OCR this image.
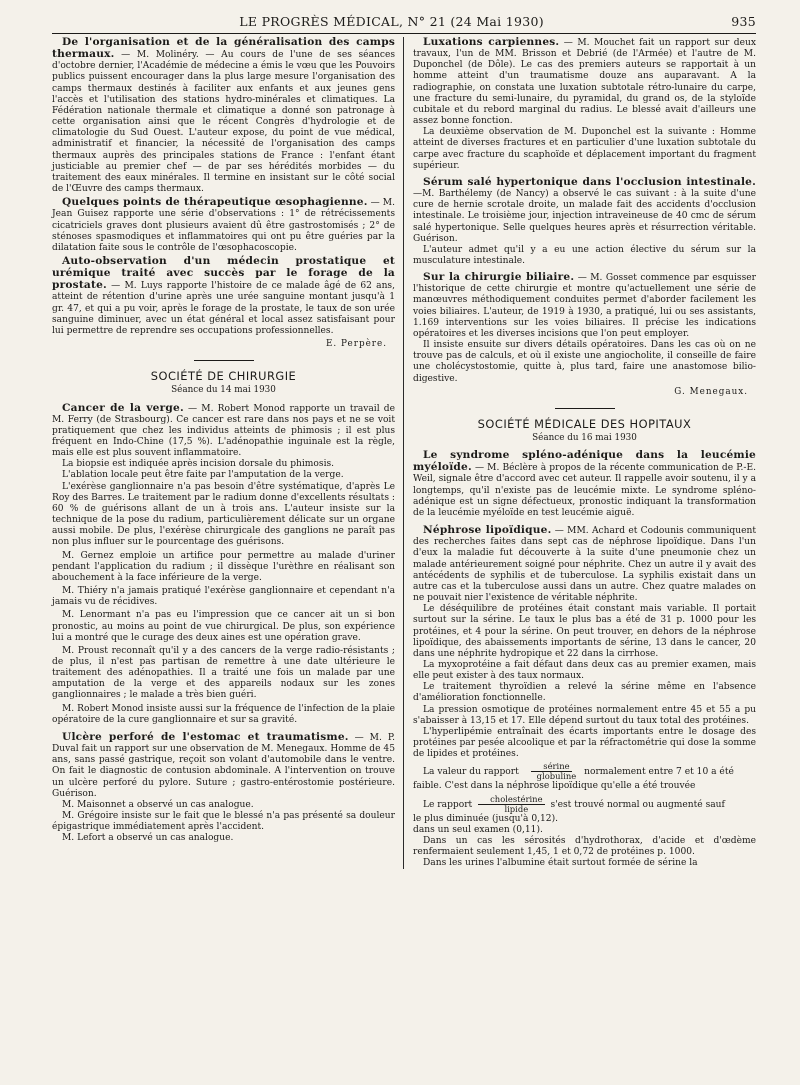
LE PROGRÈS MÉDICAL, N° 21 (24 Mai 1930)	935

De l'organisation et de la généralisation des camps thermaux. — M. Molinéry. — Au cours de l'une de ses séances d'octobre dernier, l'Académie de médecine a émis le vœu que les Pouvoirs publics puissent encourager dans la plus large mesure l'organisation des camps thermaux destinés à faciliter aux enfants et aux jeunes gens l'accès et l'utilisation des stations hydro-minérales et climatiques. La Fédération nationale thermale et climatique a donné son patronage à cette organisation ainsi que le récent Congrès d'hydrologie et de climatologie du Sud Ouest. L'auteur expose, du point de vue médical, administratif et financier, la nécessité de l'organisation des camps thermaux auprès des principales stations de France : l'enfant étant justiciable au premier chef — de par ses hérédités morbides — du traitement des eaux minérales. Il termine en insistant sur le côté social de l'Œuvre des camps thermaux.

Quelques points de thérapeutique œsophagienne. — M. Jean Guisez rapporte une série d'observations : 1° de rétrécissements cicatriciels graves dont plusieurs avaient dû être gastrostomisés ; 2° de sténoses spasmodiques et inflammatoires qui ont pu être guéries par la dilatation faite sous le contrôle de l'œsophacoscopie.

Auto-observation d'un médecin prostatique et urémique traité avec succès par le forage de la prostate. — M. Luys rapporte l'histoire de ce malade âgé de 62 ans, atteint de rétention d'urine après une urée sanguine montant jusqu'à 1 gr. 47, et qui a pu voir, après le forage de la prostate, le taux de son urée sanguine diminuer, avec un état général et local assez satisfaisant pour lui permettre de reprendre ses occupations professionnelles.

E. Perpère.
SOCIÉTÉ DE CHIRURGIE
Séance du 14 mai 1930

Cancer de la verge. — M. Robert Monod rapporte un travail de M. Ferry (de Strasbourg). Ce cancer est rare dans nos pays et ne se voit pratiquement que chez les individus atteints de phimosis ; il est plus fréquent en Indo-Chine (17,5 %). L'adénopathie inguinale est la règle, mais elle est plus souvent inflammatoire.

La biopsie est indiquée après incision dorsale du phimosis.

L'ablation locale peut être faite par l'amputation de la verge.

L'exérèse ganglionnaire n'a pas besoin d'être systématique, d'après Le Roy des Barres. Le traitement par le radium donne d'excellents résultats : 60 % de guérisons allant de un à trois ans. L'auteur insiste sur la technique de la pose du radium, particulièrement délicate sur un organe aussi mobile. De plus, l'exérèse chirurgicale des ganglions ne paraît pas non plus influer sur le pourcentage des guérisons.

M. Gernez emploie un artifice pour permettre au malade d'uriner pendant l'application du radium ; il dissèque l'urèthre en réalisant son abouchement à la face inférieure de la verge.

M. Thiéry n'a jamais pratiqué l'exérèse ganglionnaire et cependant n'a jamais vu de récidives.

M. Lenormant n'a pas eu l'impression que ce cancer ait un si bon pronostic, au moins au point de vue chirurgical. De plus, son expérience lui a montré que le curage des deux aines est une opération grave.

M. Proust reconnaît qu'il y a des cancers de la verge radio-résistants ; de plus, il n'est pas partisan de remettre à une date ultérieure le traitement des adénopathies. Il a traité une fois un malade par une amputation de la verge et des appareils nodaux sur les zones ganglionnaires ; le malade a très bien guéri.

M. Robert Monod insiste aussi sur la fréquence de l'infection de la plaie opératoire de la cure ganglionnaire et sur sa gravité.

Ulcère perforé de l'estomac et traumatisme. — M. P. Duval fait un rapport sur une observation de M. Menegaux. Homme de 45 ans, sans passé gastrique, reçoit son volant d'automobile dans le ventre. On fait le diagnostic de contusion abdominale. A l'intervention on trouve un ulcère perforé du pylore. Suture ; gastro-entérostomie postérieure. Guérison.

M. Maisonnet a observé un cas analogue.

M. Grégoire insiste sur le fait que le blessé n'a pas présenté sa douleur épigastrique immédiatement après l'accident.

M. Lefort a observé un cas analogue.

Luxations carpiennes. — M. Mouchet fait un rapport sur deux travaux, l'un de MM. Brisson et Debrié (de l'Armée) et l'autre de M. Duponchel (de Dôle). Le cas des premiers auteurs se rapportait à un homme atteint d'un traumatisme douze ans auparavant. A la radiographie, on constata une luxation subtotale rétro-lunaire du carpe, une fracture du semi-lunaire, du pyramidal, du grand os, de la styloïde cubitale et du rebord marginal du radius. Le blessé avait d'ailleurs une assez bonne fonction.

La deuxième observation de M. Duponchel est la suivante : Homme atteint de diverses fractures et en particulier d'une luxation subtotale du carpe avec fracture du scaphoïde et déplacement important du fragment supérieur.

Sérum salé hypertonique dans l'occlusion intestinale. —M. Barthélemy (de Nancy) a observé le cas suivant : à la suite d'une cure de hernie scrotale droite, un malade fait des accidents d'occlusion intestinale. Le troisième jour, injection intraveineuse de 40 cmc de sérum salé hypertonique. Selle quelques heures après et résurrection véritable. Guérison.

L'auteur admet qu'il y a eu une action élective du sérum sur la musculature intestinale.

Sur la chirurgie biliaire. — M. Gosset commence par esquisser l'historique de cette chirurgie et montre qu'actuellement une série de manœuvres méthodiquement conduites permet d'aborder facilement les voies biliaires. L'auteur, de 1919 à 1930, a pratiqué, lui ou ses assistants, 1.169 interventions sur les voies biliaires. Il précise les indications opératoires et les diverses incisions que l'on peut employer.

Il insiste ensuite sur divers détails opératoires. Dans les cas où on ne trouve pas de calculs, et où il existe une angiocholite, il conseille de faire une cholécystostomie, quitte à, plus tard, faire une anastomose bilio-digestive.

G. Menegaux.
SOCIÉTÉ MÉDICALE DES HOPITAUX
Séance du 16 mai 1930

Le syndrome spléno-adénique dans la leucémie myéloïde. — M. Béclère à propos de la récente communication de P.-E. Weil, signale être d'accord avec cet auteur. Il rappelle avoir soutenu, il y a longtemps, qu'il n'existe pas de leucémie mixte. Le syndrome spléno-adénique est un signe défectueux, pronostic indiquant la transformation de la leucémie myéloïde en test leucémie aiguë.

Néphrose lipoïdique. — MM. Achard et Codounis communiquent des recherches faites dans sept cas de néphrose lipoïdique. Dans l'un d'eux la maladie fut découverte à la suite d'une pneumonie chez un malade antérieurement soigné pour néphrite. Chez un autre il y avait des antécédents de syphilis et de tuberculose. La syphilis existait dans un autre cas et la tuberculose aussi dans un autre. Chez quatre malades on ne pouvait nier l'existence de véritable néphrite.

Le déséquilibre de protéines était constant mais variable. Il portait surtout sur la sérine. Le taux le plus bas a été de 31 p. 1000 pour les protéines, et 4 pour la sérine. On peut trouver, en dehors de la néphrose lipoïdique, des abaissements importants de sérine, 13 dans le cancer, 20 dans une néphrite hydropique et 22 dans la cirrhose.

La myxoprotéine a fait défaut dans deux cas au premier examen, mais elle peut exister à des taux normaux.

Le traitement thyroïdien a relevé la sérine même en l'absence d'amélioration fonctionnelle.

La pression osmotique de protéines normalement entre 45 et 55 a pu s'abaisser à 13,15 et 17. Elle dépend surtout du taux total des protéines.

L'hyperlipémie entraînait des écarts importants entre le dosage des protéines par pesée alcoolique et par la réfractométrie qui dose la somme de lipides et protéines.

La valeur du rapport $\frac{\text{sérine}}{\text{globuline}}$ normalement entre 7 et 10 a été

faible. C'est dans la néphrose lipoïdique qu'elle a été trouvée

Le rapport $\frac{\text{cholestérine}}{\text{lipide}} s'est$ trouvé normal ou augmenté sauf

le plus diminuée (jusqu'à 0,12).

dans un seul examen (0,11).

Dans un cas les sérosités d'hydrothorax, d'acide et d'œdème renfermaient seulement 1,45, 1 et 0,72 de protéines p. 1000.

Dans les urines l'albumine était surtout formée de sérine la
